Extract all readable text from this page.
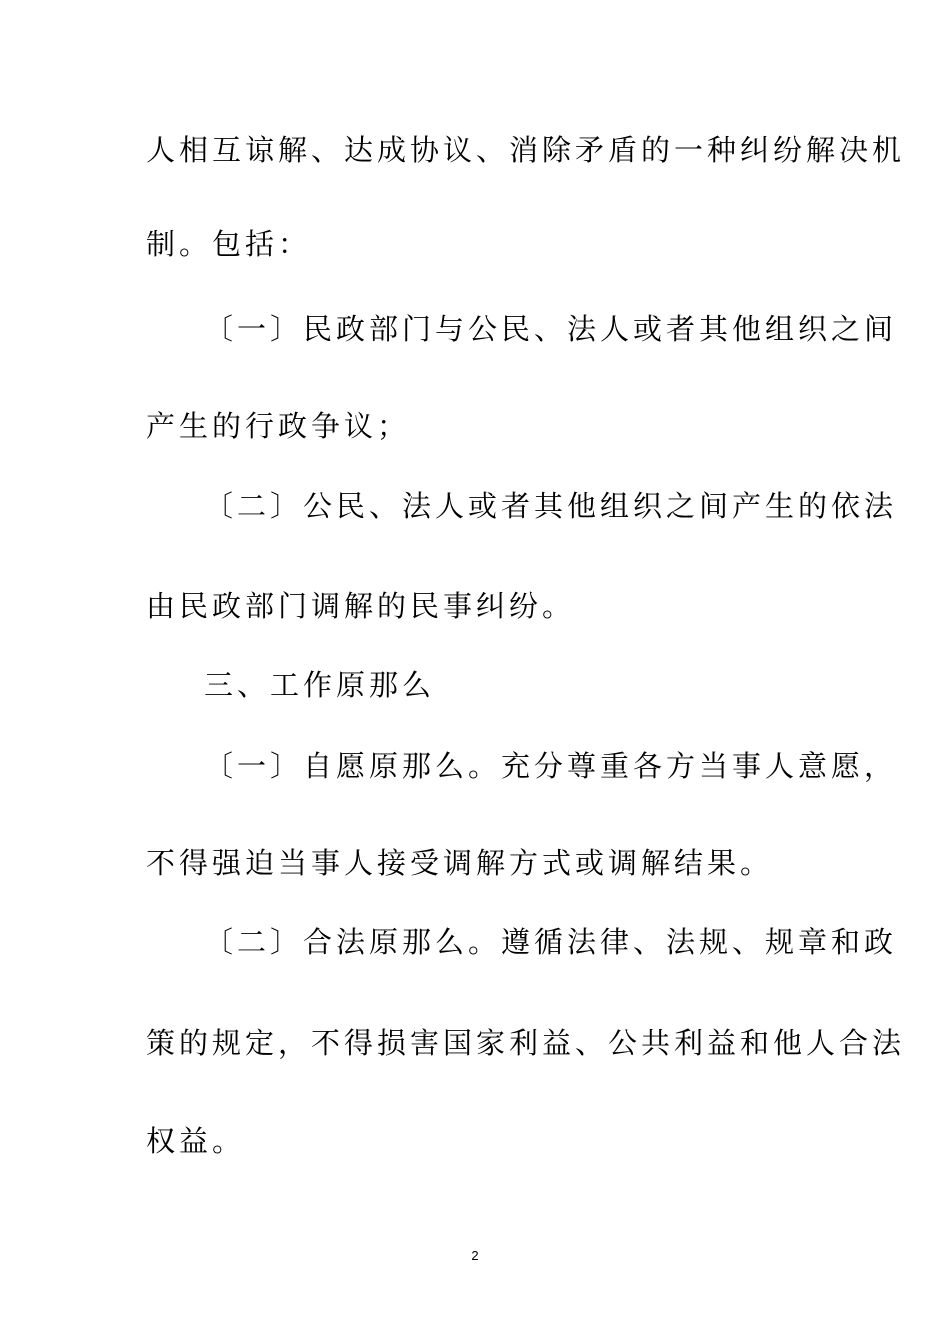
人相互谅解、达成协议、消除矛盾的一种纠纷解决机
制。包括：
〔一〕民政部门与公民、法人或者其他组织之间
产生的行政争议；
〔二〕公民、法人或者其他组织之间产生的依法
由民政部门调解的民事纠纷。
三、工作原那么
〔一〕自愿原那么。充分尊重各方当事人意愿，
不得强迫当事人接受调解方式或调解结果。
〔二〕合法原那么。遵循法律、法规、规章和政
策的规定，不得损害国家利益、公共利益和他人合法
权益。
2
